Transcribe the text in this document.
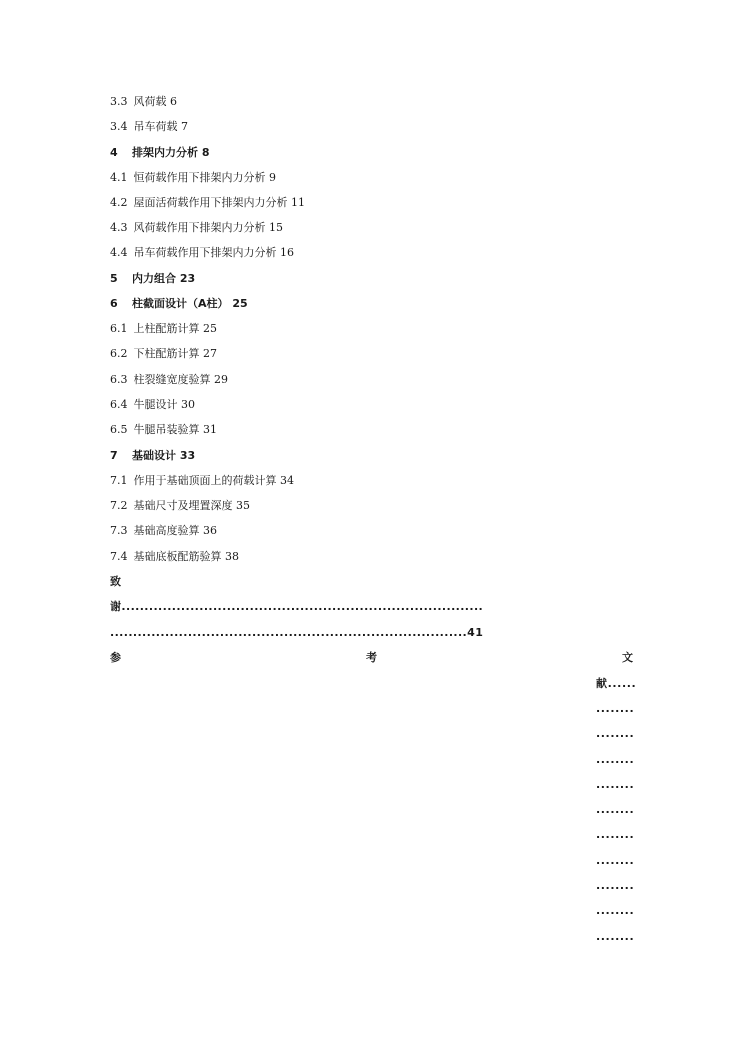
3.3 风荷载 6
3.4 吊车荷载 7
4 排架内力分析 8
4.1 恒荷载作用下排架内力分析 9
4.2 屋面活荷载作用下排架内力分析 11
4.3 风荷载作用下排架内力分析 15
4.4 吊车荷载作用下排架内力分析 16
5 内力组合 23
6 柱截面设计（A柱） 25
6.1 上柱配筋计算 25
6.2 下柱配筋计算 27
6.3 柱裂缝宽度验算 29
6.4 牛腿设计 30
6.5 牛腿吊装验算 31
7 基础设计 33
7.1 作用于基础顶面上的荷载计算 34
7.2 基础尺寸及埋置深度 35
7.3 基础高度验算 36
7.4 基础底板配筋验算 38
致
谢...............................................................................
..............................................................................41
参	考	文
献......
........
........
........
........
........
........
........
........
........
........
